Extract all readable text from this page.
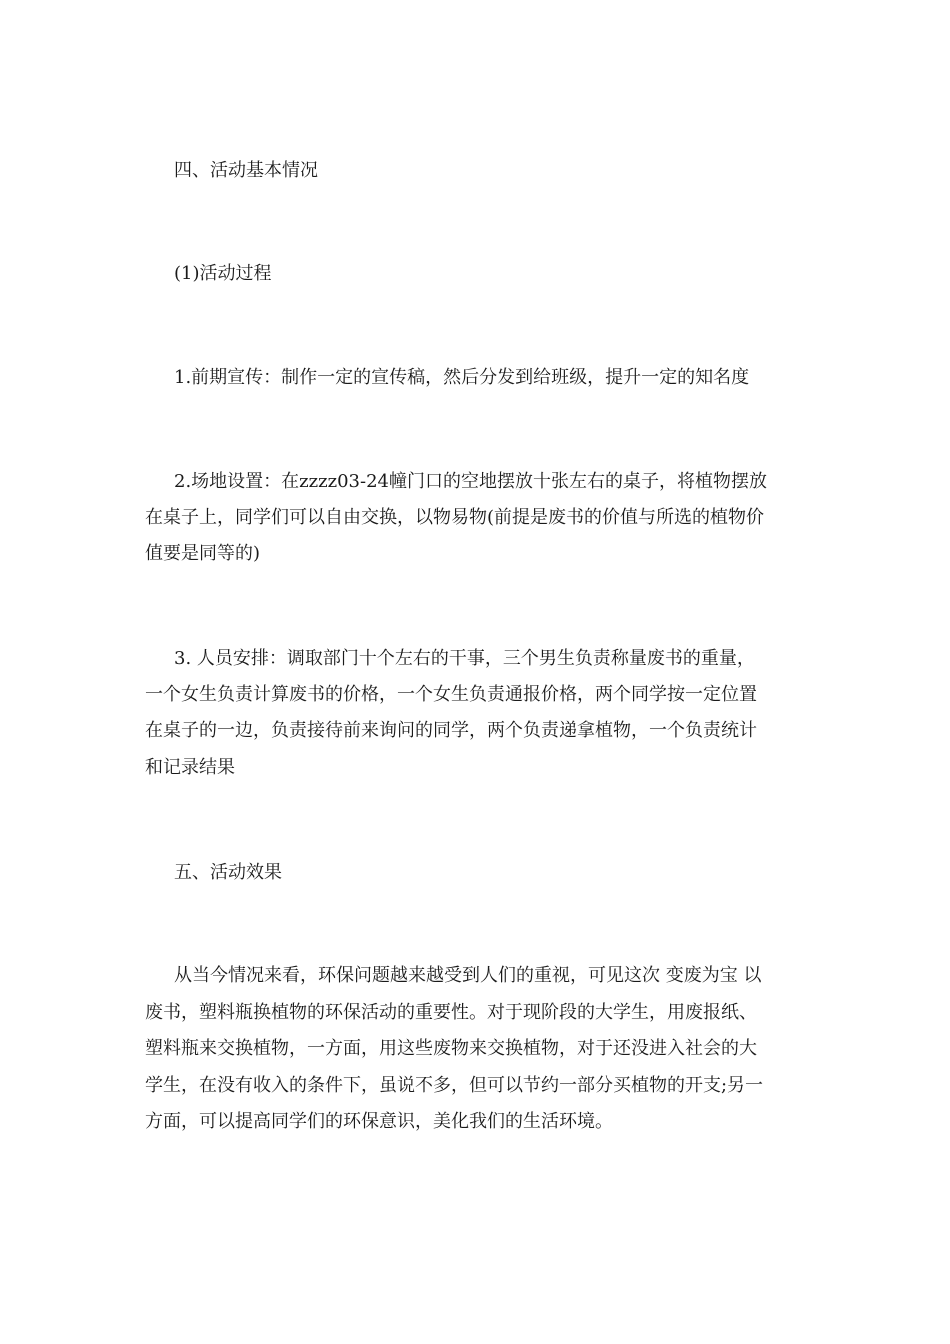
四、活动基本情况
(1)活动过程
1.前期宣传：制作一定的宣传稿，然后分发到给班级，提升一定的知名度
2.场地设置：在zzzz03-24幢门口的空地摆放十张左右的桌子，将植物摆放
在桌子上，同学们可以自由交换，以物易物(前提是废书的价值与所选的植物价
值要是同等的)
3. 人员安排：调取部门十个左右的干事，三个男生负责称量废书的重量，
一个女生负责计算废书的价格，一个女生负责通报价格，两个同学按一定位置
在桌子的一边，负责接待前来询问的同学，两个负责递拿植物，一个负责统计
和记录结果
五、活动效果
从当今情况来看，环保问题越来越受到人们的重视，可见这次 变废为宝 以
废书，塑料瓶换植物的环保活动的重要性。对于现阶段的大学生，用废报纸、
塑料瓶来交换植物，一方面，用这些废物来交换植物，对于还没进入社会的大
学生，在没有收入的条件下，虽说不多，但可以节约一部分买植物的开支;另一
方面，可以提高同学们的环保意识，美化我们的生活环境。
